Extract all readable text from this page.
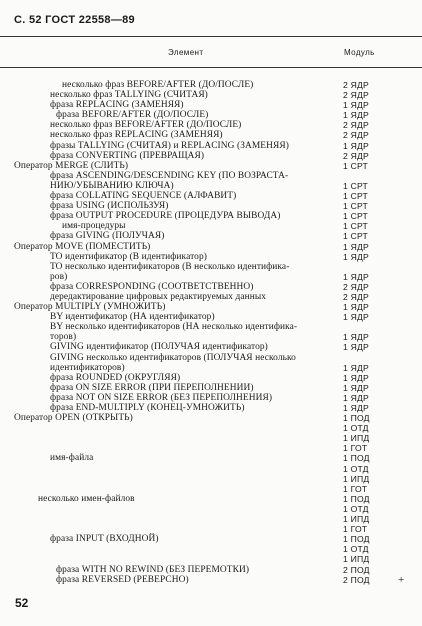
С. 52 ГОСТ 22558—89
Элемент	Модуль
несколько фраз BEFORE/AFTER (ДО/ПОСЛЕ)	2 ЯДР
несколько фраз TALLYING (СЧИТАЯ)	2 ЯДР
фраза REPLACING (ЗАМЕНЯЯ)	1 ЯДР
фраза BEFORE/AFTER (ДО/ПОСЛЕ)	1 ЯДР
несколько фраз BEFORE/AFTER (ДО/ПОСЛЕ)	2 ЯДР
несколько фраз REPLACING (ЗАМЕНЯЯ)	2 ЯДР
фразы TALLYING (СЧИТАЯ) и REPLACING (ЗАМЕНЯЯ)	1 ЯДР
фраза CONVERTING (ПРЕВРАЩАЯ)	2 ЯДР
Оператор MERGE (СЛИТЬ)	1 СРТ
фраза ASCENDING/DESCENDING KEY (ПО ВОЗРАСТА-
НИЮ/УБЫВАНИЮ КЛЮЧА)	1 СРТ
фраза COLLATING SEQUENCE (АЛФАВИТ)	1 СРТ
фраза USING (ИСПОЛЬЗУЯ)	1 СРТ
фраза OUTPUT PROCEDURE (ПРОЦЕДУРА ВЫВОДА)	1 СРТ
имя-процедуры	1 СРТ
фраза GIVING (ПОЛУЧАЯ)	1 СРТ
Оператор MOVE (ПОМЕСТИТЬ)	1 ЯДР
TO идентификатор (В идентификатор)	1 ЯДР
TO несколько идентификаторов (В несколько идентифика-
ров)	1 ЯДР
фраза CORRESPONDING (СООТВЕТСТВЕННО)	2 ЯДР
дередактирование цифровых редактируемых данных	2 ЯДР
Оператор MULTIPLY (УМНОЖИТЬ)	1 ЯДР
BY идентификатор (НА идентификатор)	1 ЯДР
BY несколько идентификаторов (НА несколько идентифика-
торов)	1 ЯДР
GIVING идентификатор (ПОЛУЧАЯ идентификатор)	1 ЯДР
GIVING несколько идентификаторов (ПОЛУЧАЯ несколько
идентификаторов)	1 ЯДР
фраза ROUNDED (ОКРУГЛЯЯ)	1 ЯДР
фраза ON SIZE ERROR (ПРИ ПЕРЕПОЛНЕНИИ)	1 ЯДР
фраза NOT ON SIZE ERROR (БЕЗ ПЕРЕПОЛНЕНИЯ)	1 ЯДР
фраза END-MULTIPLY (КОНЕЦ-УМНОЖИТЬ)	1 ЯДР
Оператор OPEN (ОТКРЫТЬ)	1 ПОД
1 ОТД
1 ИПД
1 ГОТ
имя-файла	1 ПОД
1 ОТД
1 ИПД
1 ГОТ
несколько имен-файлов	1 ПОД
1 ОТД
1 ИПД
1 ГОТ
фраза INPUT (ВХОДНОЙ)	1 ПОД
1 ОТД
1 ИПД
фраза WITH NO REWIND (БЕЗ ПЕРЕМОТКИ)	2 ПОД
фраза REVERSED (РЕВЕРСНО)	2 ПОД	+
52
